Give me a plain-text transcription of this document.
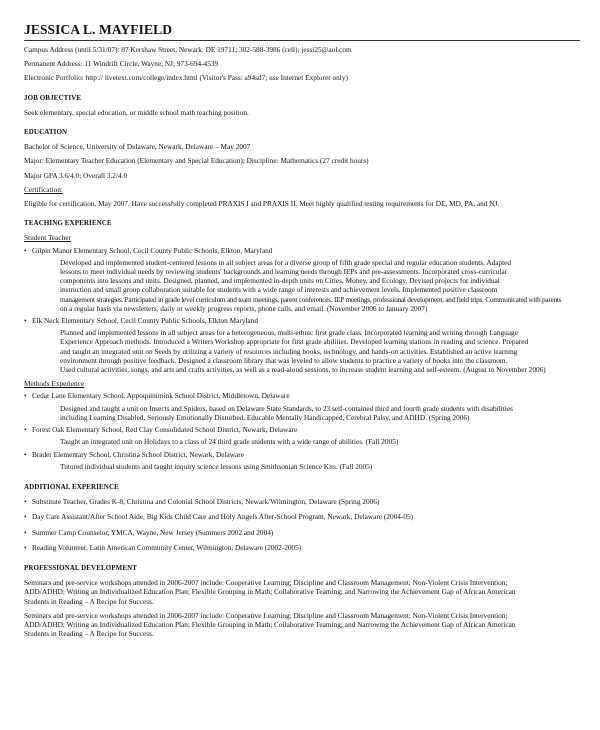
JESSICA L. MAYFIELD
Campus Address (until 5/31/07): 87 Kershaw Street, Newark, DE 19711; 302-588-3986 (cell); jessi25@aol.com
Permanent Address: 11 Windrift Circle, Wayne, NJ; 973-694-4539
Electronic Portfolio: http:// livetext.com/college/index.html (Visitor's Pass: a94sd7; use Internet Explorer only)
JOB OBJECTIVE
Seek elementary, special education, or middle school math teaching position.
EDUCATION
Bachelor of Science, University of Delaware, Newark, Delaware – May 2007
Major: Elementary Teacher Education (Elementary and Special Education); Discipline: Mathematics (27 credit hours)
Major GPA 3.6/4.0; Overall 3.2/4.0
Certification:
Eligible for certification, May 2007. Have successfully completed PRAXIS I and PRAXIS II. Meet highly qualified testing requirements for DE, MD, PA, and NJ.
TEACHING EXPERIENCE
Student Teacher
• Gilpin Manor Elementary School, Cecil County Public Schools, Elkton, Maryland
Developed and implemented student-centered lessons in all subject areas for a diverse group of fifth grade special and regular education students. Adapted
lessons to meet individual needs by reviewing students' backgrounds and learning needs through IEPs and pre-assessments. Incorporated cross-curricular
components into lessons and units. Designed, planned, and implemented in-depth units on Cities, Money, and Ecology. Devised projects for individual
instruction and small group collaboration suitable for students with a wide range of interests and achievement levels. Implemented positive classroom
management strategies. Participated in grade level curriculum and team meetings, parent conferences, IEP meetings, professional development, and field trips. Communicated with parents
on a regular basis via newsletters, daily or weekly progress reports, phone calls, and email. (November 2006 to January 2007)
• Elk Neck Elementary School, Cecil County Public Schools, Elkton Maryland
Planned and implemented lessons in all subject areas for a heterogeneous, multi-ethnic first grade class. Incorporated learning and writing through Language
Experience Approach methods. Introduced a Writers Workshop appropriate for first grade abilities. Developed learning stations in reading and science. Prepared
and taught an integrated unit on Seeds by utilizing a variety of resources including books, technology, and hands-on activities. Established an active learning
environment through positive feedback. Designed a classroom library that was leveled to allow students to practice a variety of books into the classroom.
Used cultural activities, songs, and arts and crafts activities, as well as a read-aloud sessions, to increase student learning and self-esteem. (August to November 2006)
Methods Experience
• Cedar Lane Elementary School, Appoquinimink School District, Middletown, Delaware
Designed and taught a unit on Insects and Spiders, based on Delaware State Standards, to 23 self-contained third and fourth grade students with disabilities
including Learning Disabled, Seriously Emotionally Disturbed, Educable Mentally Handicapped, Cerebral Palsy, and ADHD. (Spring 2006)
• Forest Oak Elementary School, Red Clay Consolidated School District, Newark, Delaware
Taught an integrated unit on Holidays to a class of 24 third grade students with a wide range of abilities. (Fall 2005)
• Brader Elementary School, Christina School District, Newark, Delaware
Tutored individual students and taught inquiry science lessons using Smithsonian Science Kits. (Fall 2005)
ADDITIONAL EXPERIENCE
• Substitute Teacher, Grades K-8, Christina and Colonial School Districts, Newark/Wilmington, Delaware (Spring 2006)
• Day Care Assistant/After School Aide, Big Kids Child Care and Holy Angels After-School Program, Newark, Delaware (2004-05)
• Summer Camp Counselor, YMCA, Wayne, New Jersey (Summers 2002 and 2004)
• Reading Volunteer, Latin American Community Center, Wilmington, Delaware (2002-2005)
PROFESSIONAL DEVELOPMENT
Seminars and pre-service workshops attended in 2006-2007 include: Cooperative Learning; Discipline and Classroom Management; Non-Violent Crisis Intervention;
ADD/ADHD; Writing an Individualized Education Plan; Flexible Grouping in Math; Collaborative Teaming; and Narrowing the Achievement Gap of African American
Students in Reading – A Recipe for Success.
Seminars and pre-service workshops attended in 2006-2007 include: Cooperative Learning; Discipline and Classroom Management; Non-Violent Crisis Intervention;
ADD/ADHD; Writing an Individualized Education Plan; Flexible Grouping in Math; Collaborative Teaming; and Narrowing the Achievement Gap of African American
Students in Reading – A Recipe for Success.
